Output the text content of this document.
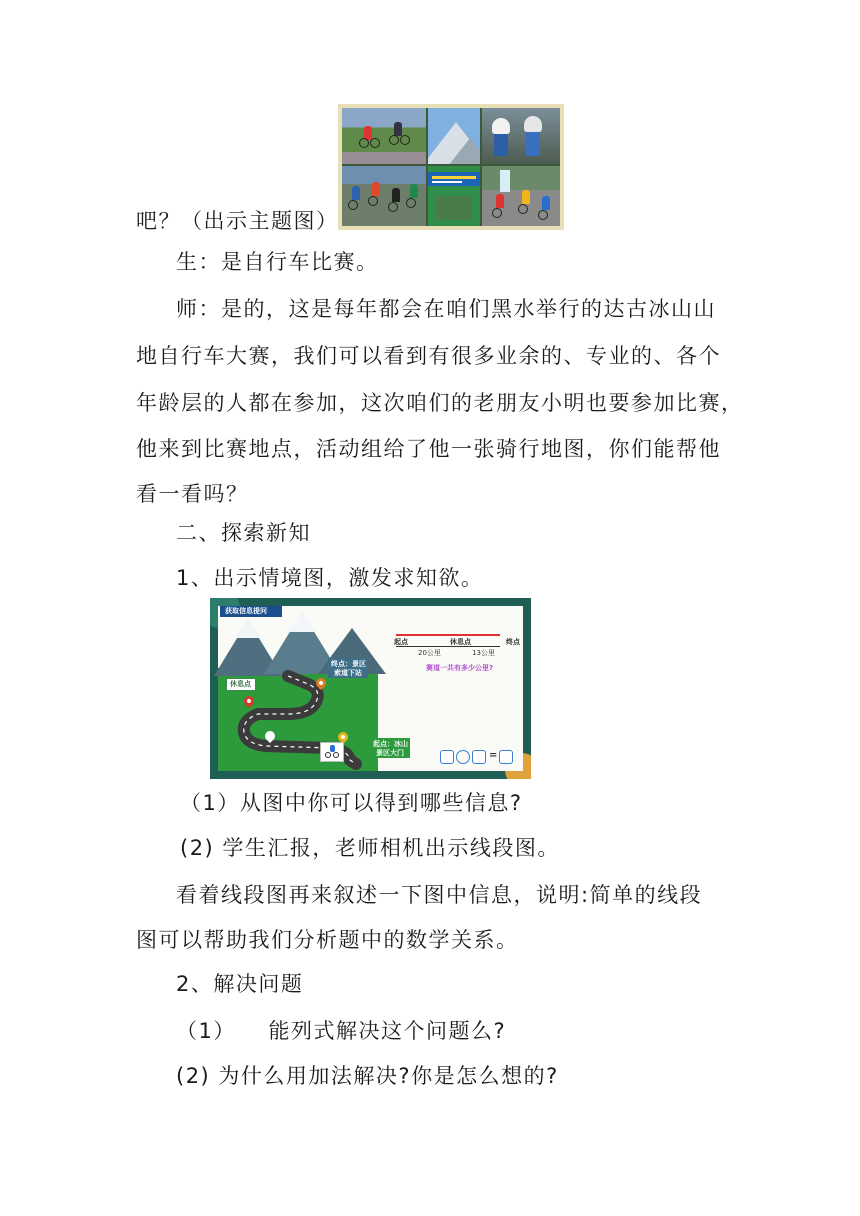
吧？（出示主题图）
生：是自行车比赛。
师：是的，这是每年都会在咱们黑水举行的达古冰山山
地自行车大赛，我们可以看到有很多业余的、专业的、各个
年龄层的人都在参加，这次咱们的老朋友小明也要参加比赛，
他来到比赛地点，活动组给了他一张骑行地图，你们能帮他
看一看吗？
二、探索新知
1、出示情境图，激发求知欲。
获取信息提问
休息点
终点：景区
索道下站
起点：冰山
景区大门
起点	休息点	终点
20公里	13公里
赛道一共有多少公里?
=
（1）从图中你可以得到哪些信息?
(2) 学生汇报，老师相机出示线段图。
看着线段图再来叙述一下图中信息，说明:简单的线段
图可以帮助我们分析题中的数学关系。
2、解决问题
（1）    能列式解决这个问题么?
(2) 为什么用加法解决?你是怎么想的?
